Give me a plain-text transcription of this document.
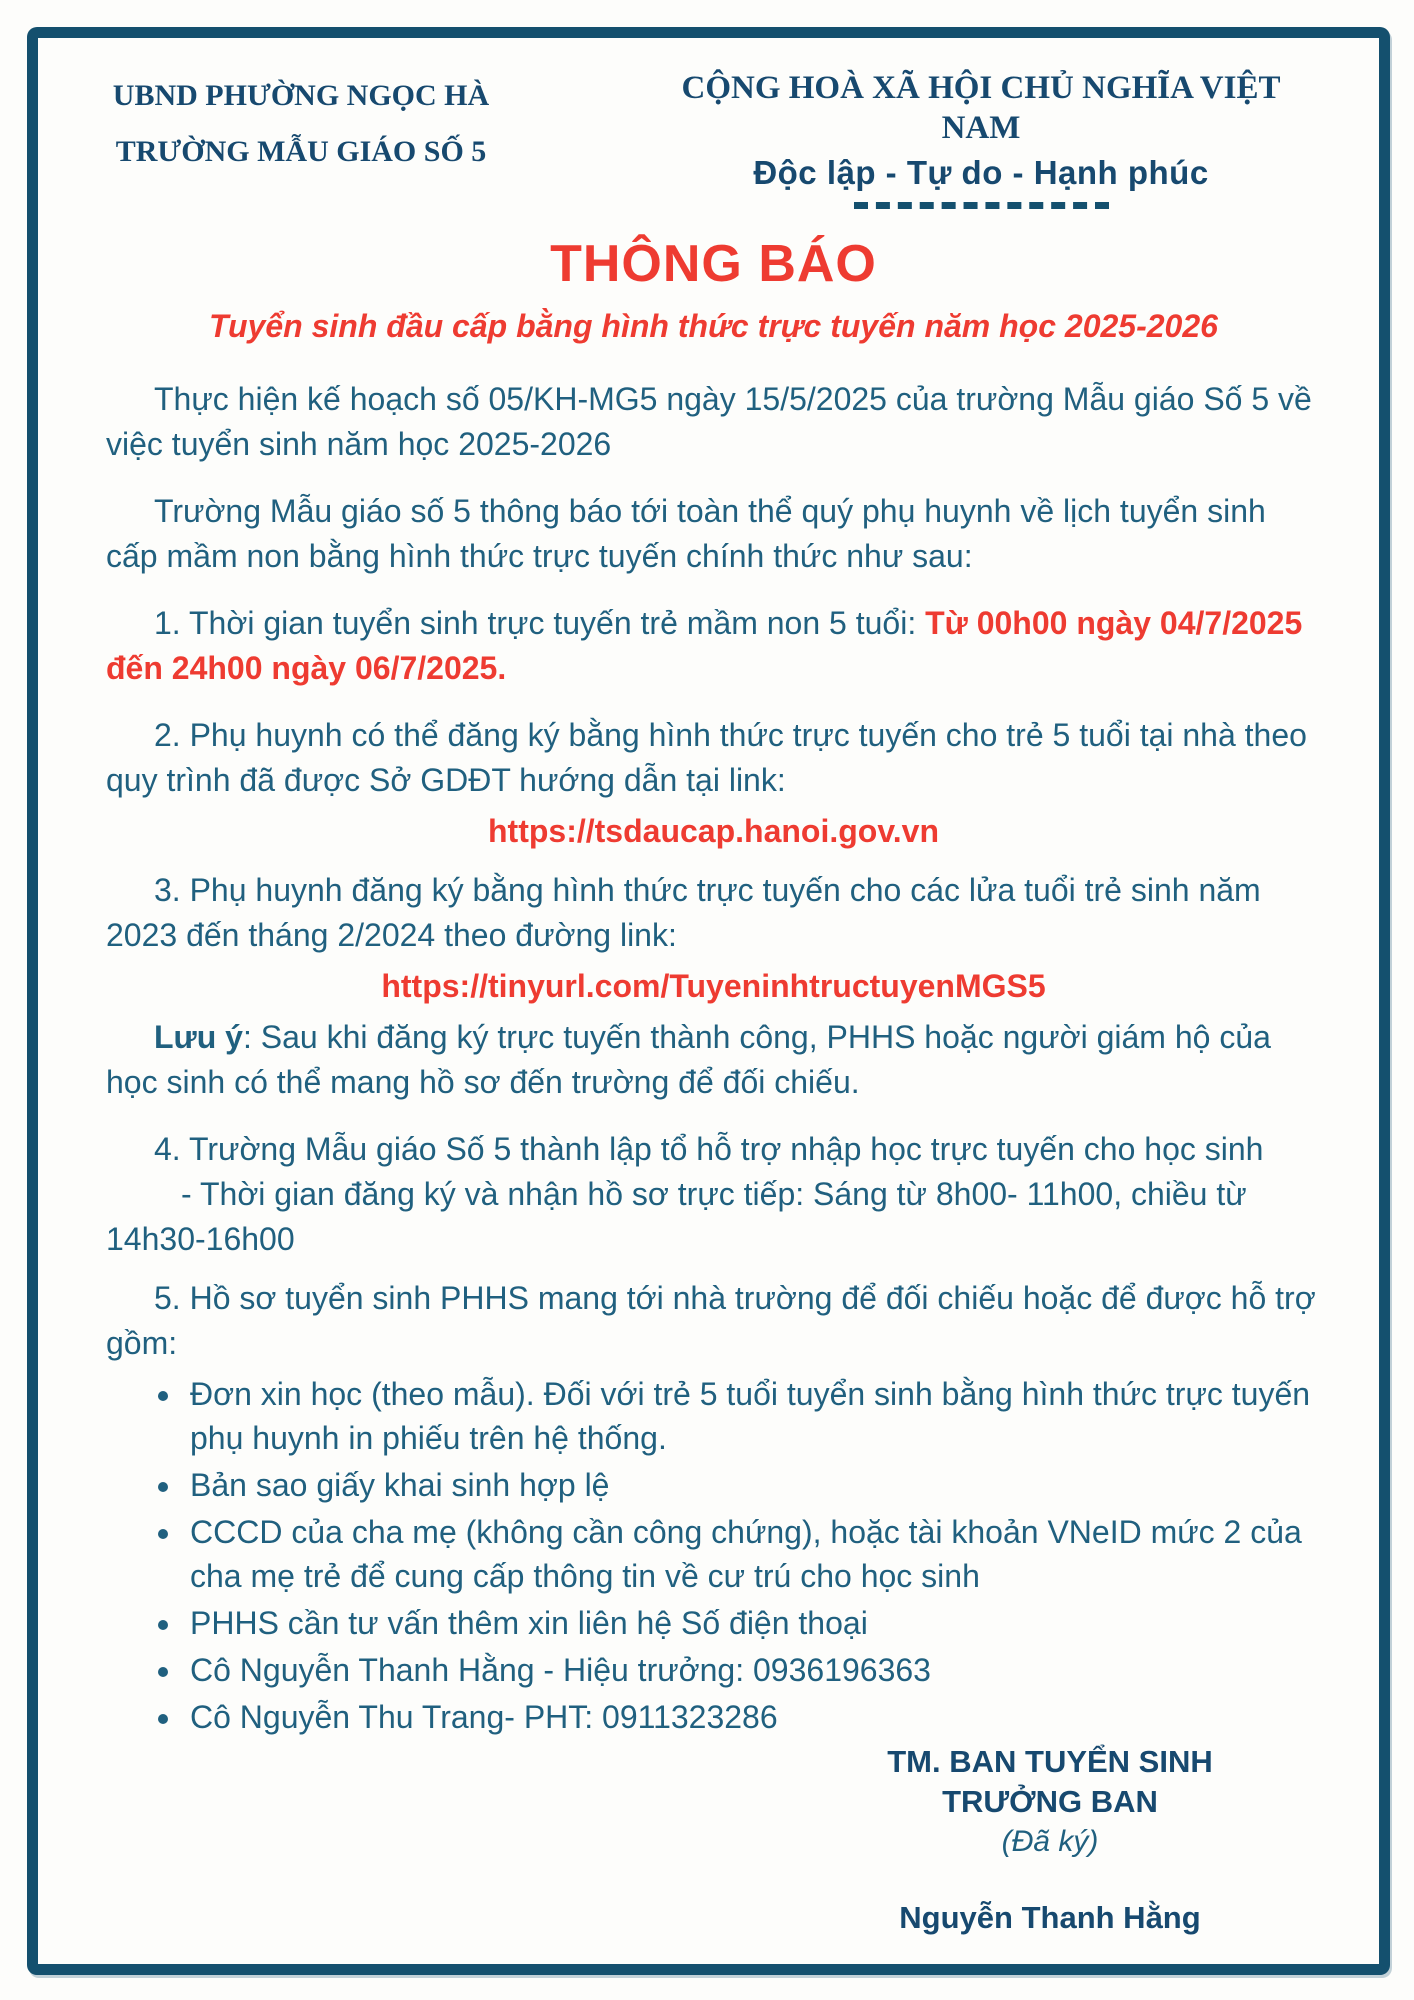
UBND PHƯỜNG NGỌC HÀ
TRƯỜNG MẪU GIÁO SỐ 5
CỘNG HOÀ XÃ HỘI CHỦ NGHĨA VIỆT NAM
Độc lập - Tự do - Hạnh phúc
THÔNG BÁO
Tuyển sinh đầu cấp bằng hình thức trực tuyến năm học 2025-2026

Thực hiện kế hoạch số 05/KH-MG5 ngày 15/5/2025 của trường Mẫu giáo Số 5 về việc tuyển sinh năm học 2025-2026

Trường Mẫu giáo số 5 thông báo tới toàn thể quý phụ huynh về lịch tuyển sinh cấp mầm non bằng hình thức trực tuyến chính thức như sau:

1. Thời gian tuyển sinh trực tuyến trẻ mầm non 5 tuổi: Từ 00h00 ngày 04/7/2025 đến 24h00 ngày 06/7/2025.

2. Phụ huynh có thể đăng ký bằng hình thức trực tuyến cho trẻ 5 tuổi tại nhà theo quy trình đã được Sở GDĐT hướng dẫn tại link:

https://tsdaucap.hanoi.gov.vn

3. Phụ huynh đăng ký bằng hình thức trực tuyến cho các lửa tuổi trẻ sinh năm 2023 đến tháng 2/2024 theo đường link:

https://tinyurl.com/TuyeninhtructuyenMGS5

Lưu ý: Sau khi đăng ký trực tuyến thành công, PHHS hoặc người giám hộ của học sinh có thể mang hồ sơ đến trường để đối chiếu.

4. Trường Mẫu giáo Số 5 thành lập tổ hỗ trợ nhập học trực tuyến cho học sinh

- Thời gian đăng ký và nhận hồ sơ trực tiếp: Sáng từ 8h00- 11h00, chiều từ 14h30-16h00

5. Hồ sơ tuyển sinh PHHS mang tới nhà trường để đối chiếu hoặc để được hỗ trợ gồm:

• Đơn xin học (theo mẫu). Đối với trẻ 5 tuổi tuyển sinh bằng hình thức trực tuyến phụ huynh in phiếu trên hệ thống.
• Bản sao giấy khai sinh hợp lệ
• CCCD của cha mẹ (không cần công chứng), hoặc tài khoản VNeID mức 2 của cha mẹ trẻ để cung cấp thông tin về cư trú cho học sinh
• PHHS cần tư vấn thêm xin liên hệ Số điện thoại
• Cô Nguyễn Thanh Hằng - Hiệu trưởng: 0936196363
• Cô Nguyễn Thu Trang- PHT: 0911323286
TM. BAN TUYỂN SINH
TRƯỞNG BAN
(Đã ký)
Nguyễn Thanh Hằng
